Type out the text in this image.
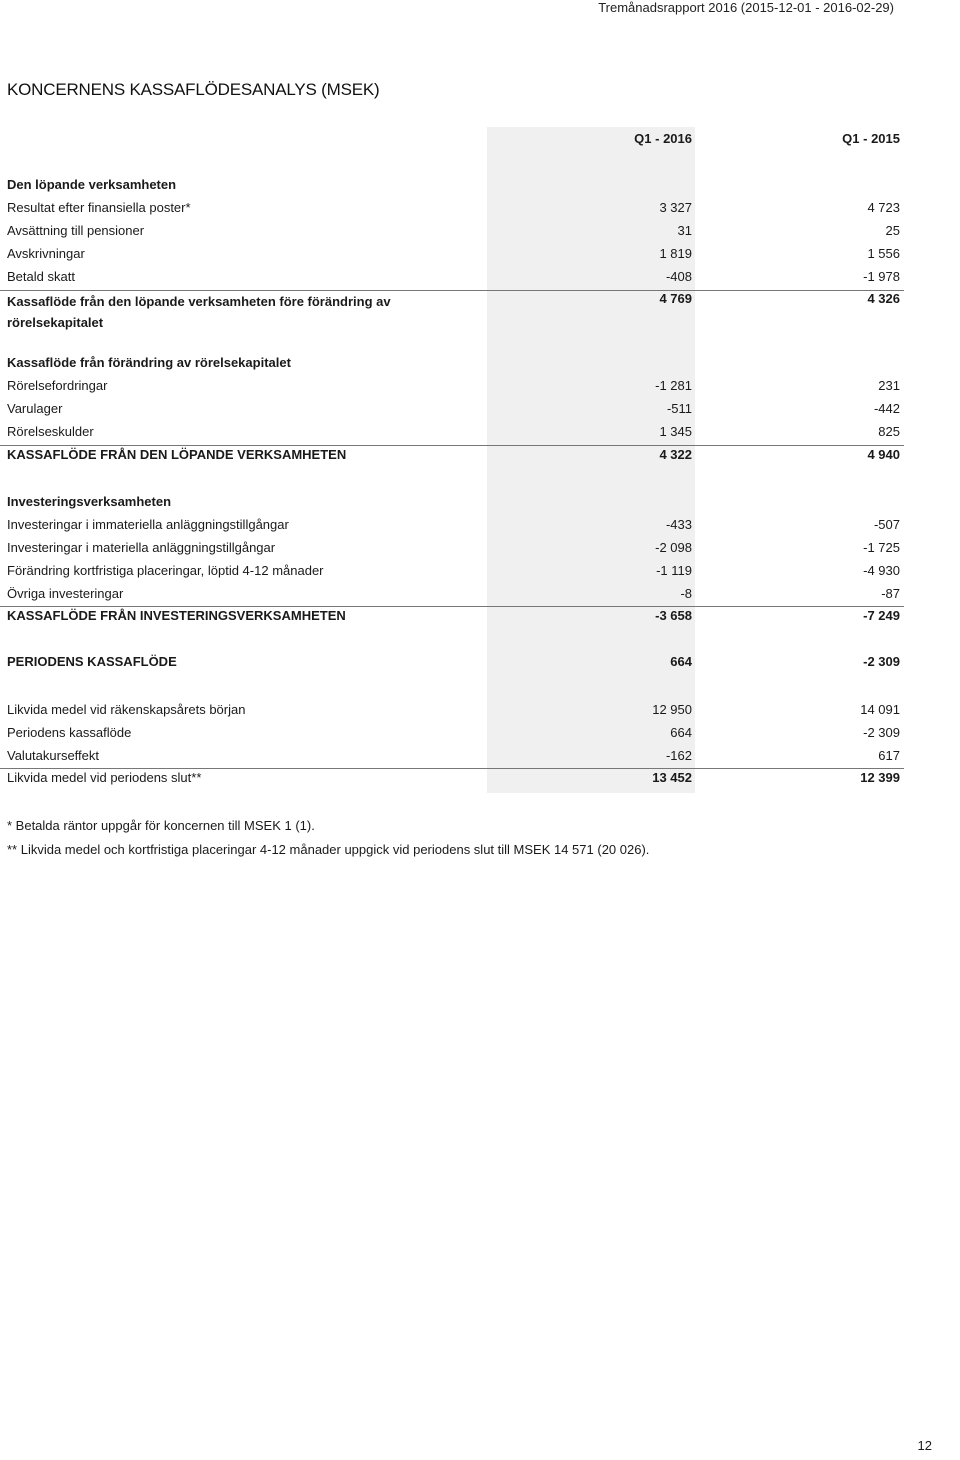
Tremånadsrapport 2016 (2015-12-01 - 2016-02-29)
KONCERNENS KASSAFLÖDESANALYS (MSEK)
Q1 - 2016	Q1 - 2015
Den löpande verksamheten
Resultat efter finansiella poster*	3 327	4 723
Avsättning till pensioner	31	25
Avskrivningar	1 819	1 556
Betald skatt	-408	-1 978
Kassaflöde från den löpande verksamheten före förändring av
rörelsekapitalet
4 769	4 326
Kassaflöde från förändring av rörelsekapitalet
Rörelsefordringar	-1 281	231
Varulager	-511	-442
Rörelseskulder	1 345	825
KASSAFLÖDE FRÅN DEN LÖPANDE VERKSAMHETEN	4 322	4 940
Investeringsverksamheten
Investeringar i immateriella anläggningstillgångar	-433	-507
Investeringar i materiella anläggningstillgångar	-2 098	-1 725
Förändring kortfristiga placeringar, löptid 4-12 månader	-1 119	-4 930
Övriga investeringar	-8	-87
KASSAFLÖDE FRÅN INVESTERINGSVERKSAMHETEN	-3 658	-7 249
PERIODENS KASSAFLÖDE	664	-2 309
Likvida medel vid räkenskapsårets början	12 950	14 091
Periodens kassaflöde	664	-2 309
Valutakurseffekt	-162	617
Likvida medel vid periodens slut**	13 452	12 399
* Betalda räntor uppgår för koncernen till MSEK 1 (1).
** Likvida medel och kortfristiga placeringar 4-12 månader uppgick vid periodens slut till MSEK 14 571 (20 026).
12
